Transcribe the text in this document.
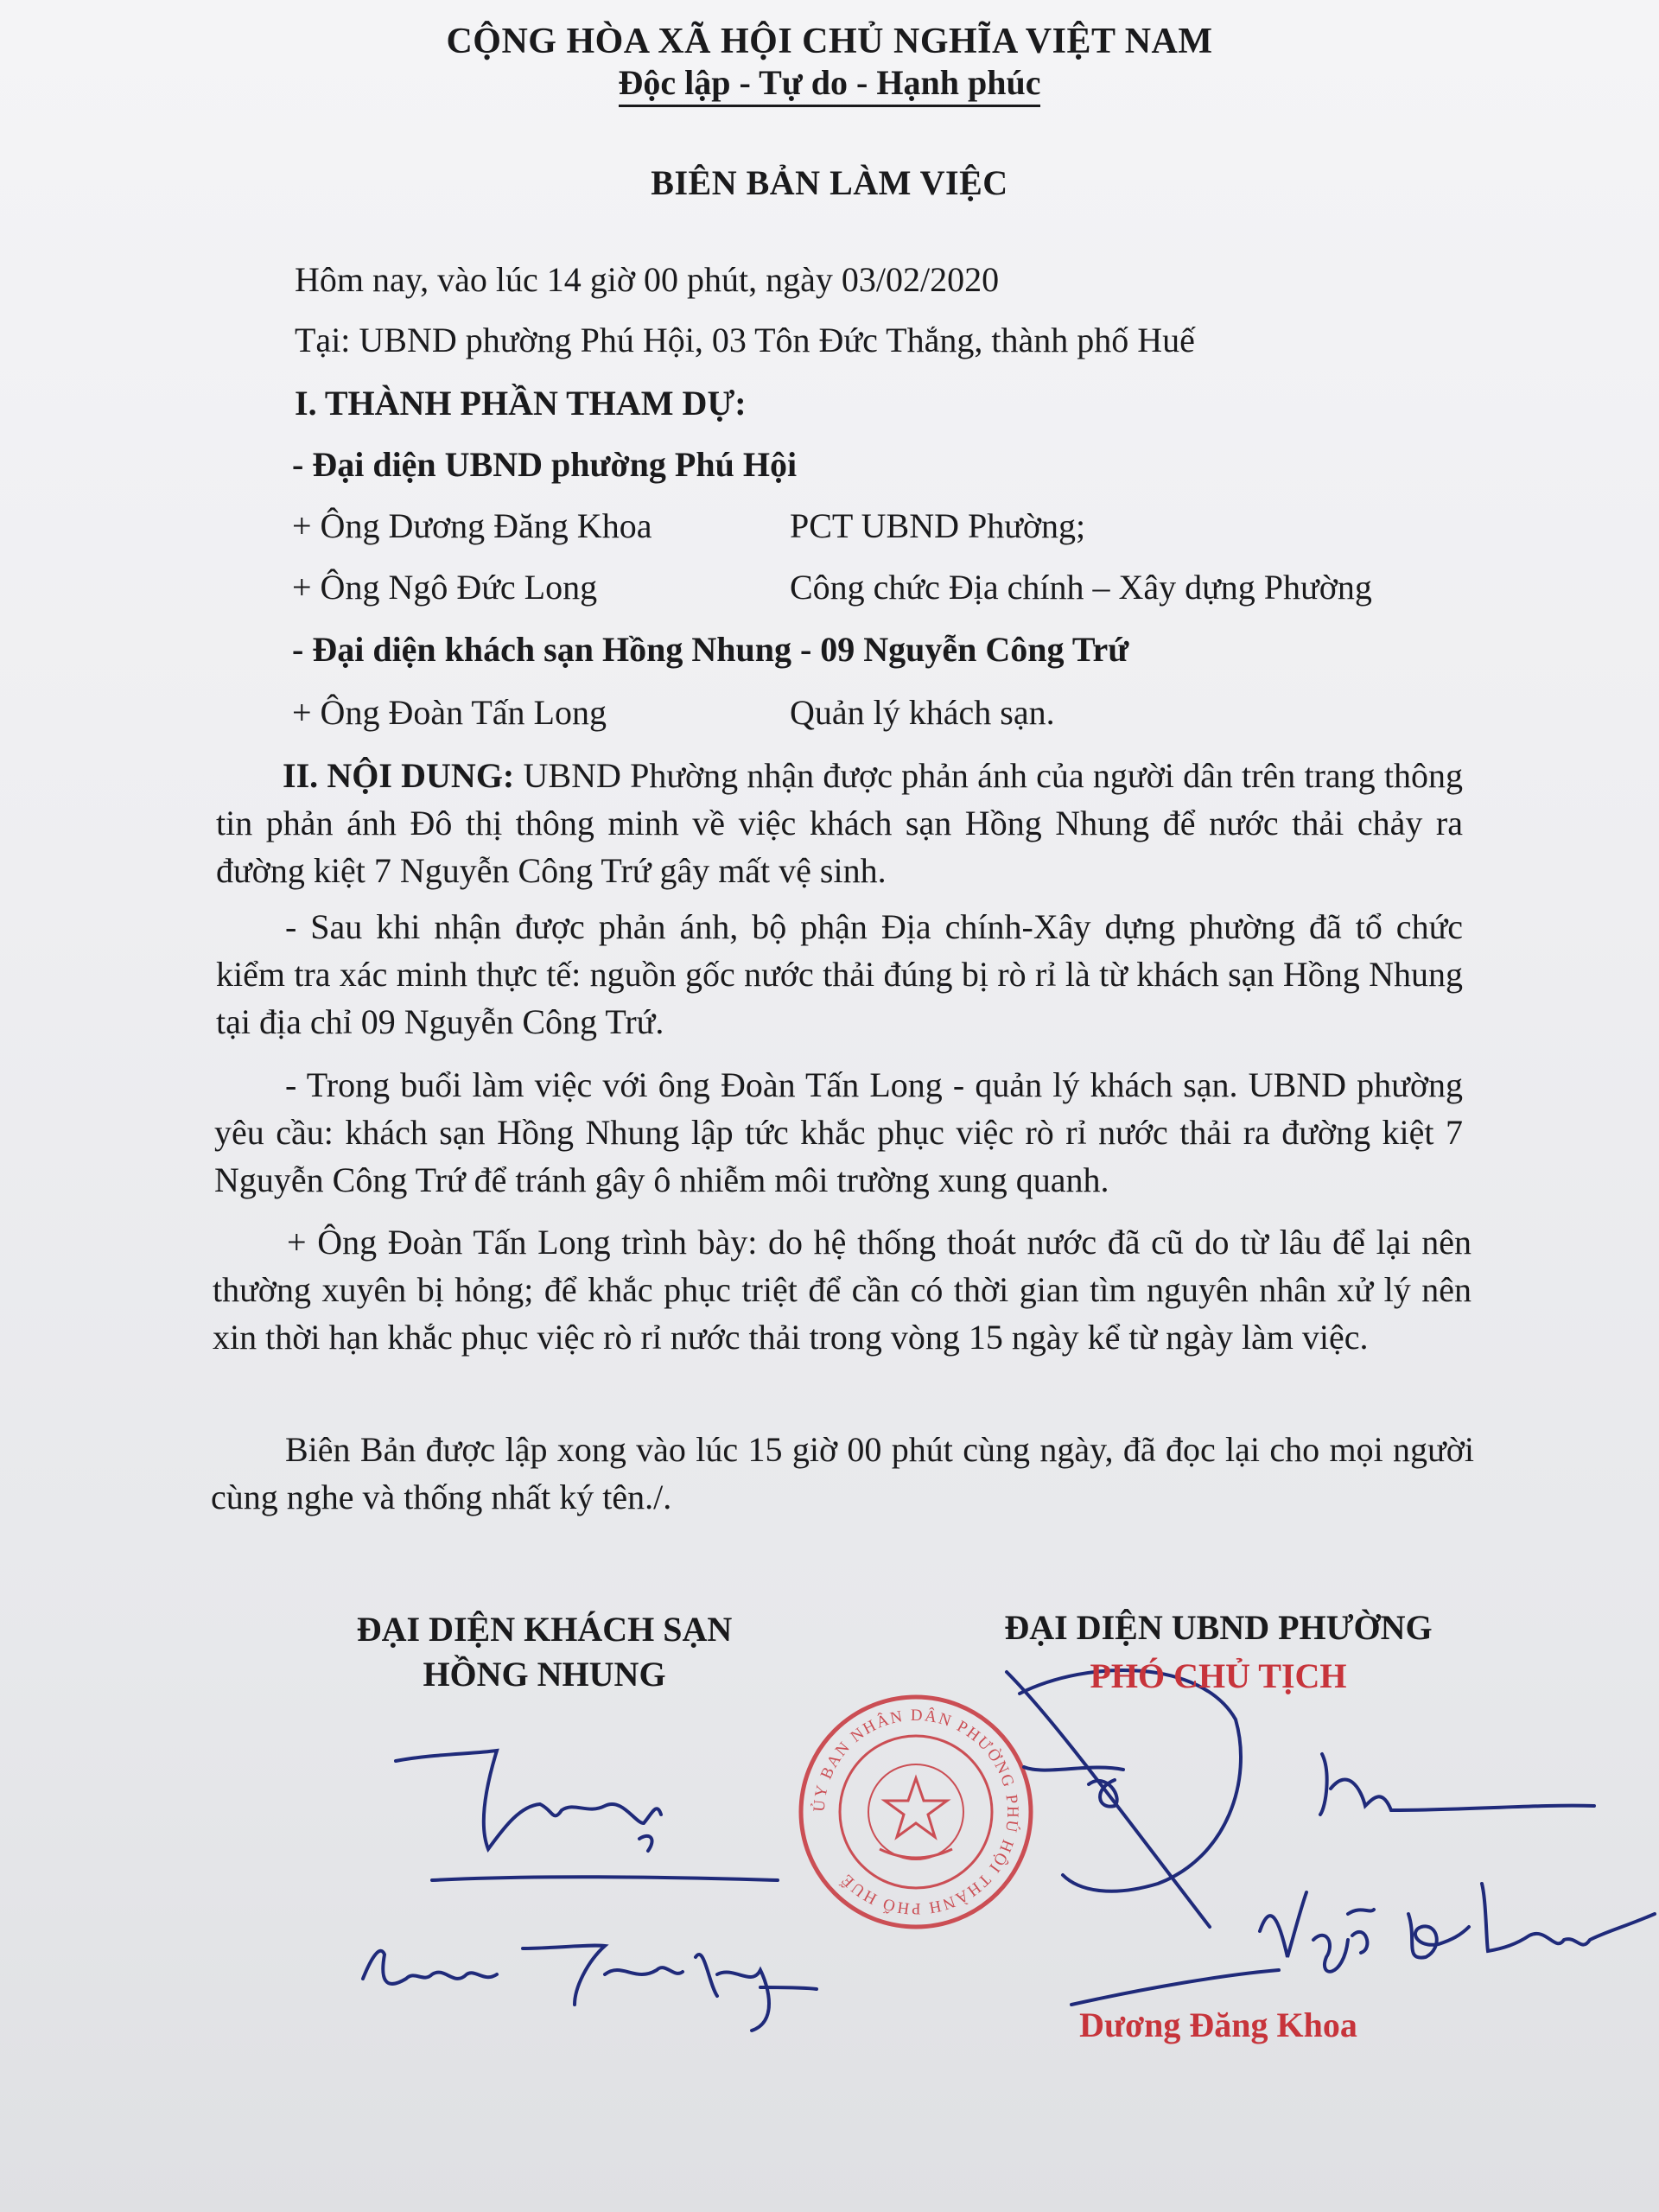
CỘNG HÒA XÃ HỘI CHỦ NGHĨA VIỆT NAM
Độc lập - Tự do - Hạnh phúc
BIÊN BẢN LÀM VIỆC
Hôm nay, vào lúc 14 giờ 00 phút, ngày 03/02/2020
Tại: UBND phường Phú Hội, 03 Tôn Đức Thắng, thành phố Huế
I. THÀNH PHẦN THAM DỰ:
- Đại diện UBND phường Phú Hội
+ Ông Dương Đăng Khoa	PCT UBND Phường;
+ Ông Ngô Đức Long	Công chức Địa chính – Xây dựng Phường
- Đại diện khách sạn Hồng Nhung - 09 Nguyễn Công Trứ
+ Ông Đoàn Tấn Long	Quản lý khách sạn.
II. NỘI DUNG: UBND Phường nhận được phản ánh của người dân trên trang thông tin phản ánh Đô thị thông minh về việc khách sạn Hồng Nhung để nước thải chảy ra đường kiệt 7 Nguyễn Công Trứ gây mất vệ sinh.
- Sau khi nhận được phản ánh, bộ phận Địa chính-Xây dựng phường đã tổ chức kiểm tra xác minh thực tế: nguồn gốc nước thải đúng bị rò rỉ là từ khách sạn Hồng Nhung tại địa chỉ 09 Nguyễn Công Trứ.
- Trong buổi làm việc với ông Đoàn Tấn Long - quản lý khách sạn. UBND phường yêu cầu: khách sạn Hồng Nhung lập tức khắc phục việc rò rỉ nước thải ra đường kiệt 7 Nguyễn Công Trứ để tránh gây ô nhiễm môi trường xung quanh.
+ Ông Đoàn Tấn Long trình bày: do hệ thống thoát nước đã cũ do từ lâu để lại nên thường xuyên bị hỏng; để khắc phục triệt để cần có thời gian tìm nguyên nhân xử lý nên xin thời hạn khắc phục việc rò rỉ nước thải trong vòng 15 ngày kể từ ngày làm việc.
Biên Bản được lập xong vào lúc 15 giờ 00 phút cùng ngày, đã đọc lại cho mọi người cùng nghe và thống nhất ký tên./.
ĐẠI DIỆN KHÁCH SẠN
HỒNG NHUNG
ĐẠI DIỆN UBND PHƯỜNG
ỦY BAN NHÂN DÂN PHƯỜNG PHÚ HỘI THÀNH PHỐ HUẾ
PHÓ CHỦ TỊCH
Dương Đăng Khoa
